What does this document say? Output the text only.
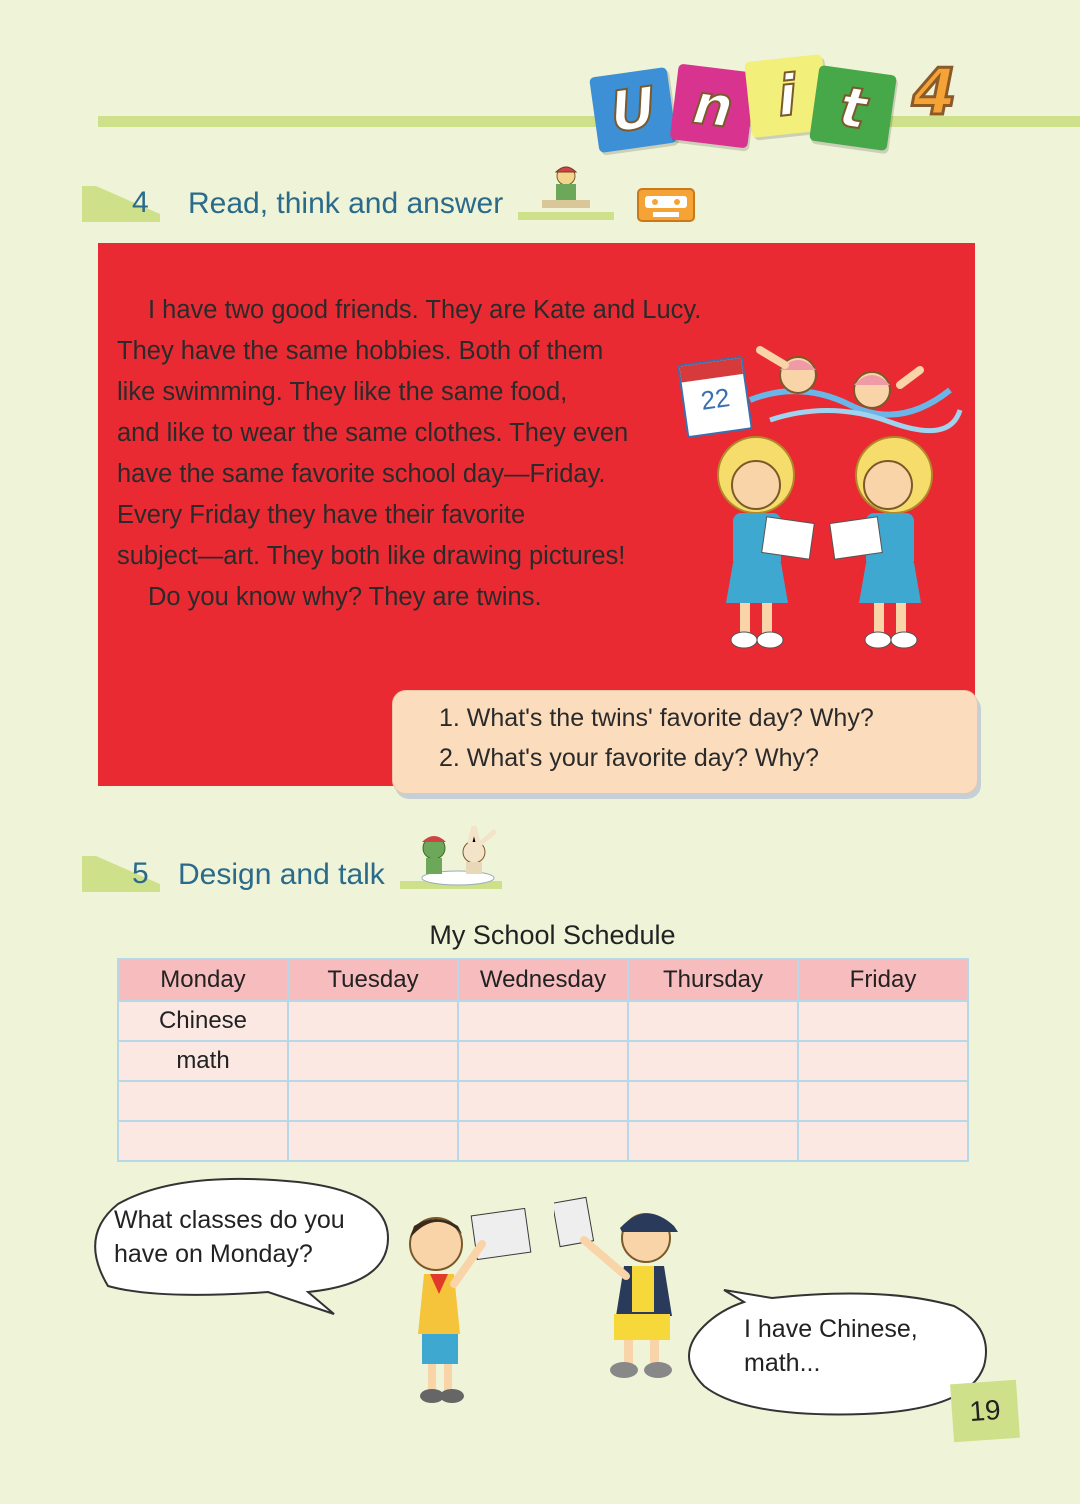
U n i t 4
4 Read, think and answer

I have two good friends. They are Kate and Lucy.

They have the same hobbies. Both of them

like swimming. They like the same food,

and like to wear the same clothes. They even

have the same favorite school day—Friday.

Every Friday they have their favorite

subject—art. They both like drawing pictures!

Do you know why? They are twins.

22
1. What's the twins' favorite day? Why?
2. What's your favorite day? Why?
5 Design and talk
My School Schedule
Monday	Tuesday	Wednesday	Thursday	Friday
Chinese				
math				

What classes do you
have on Monday?
I have Chinese,
math...
19
